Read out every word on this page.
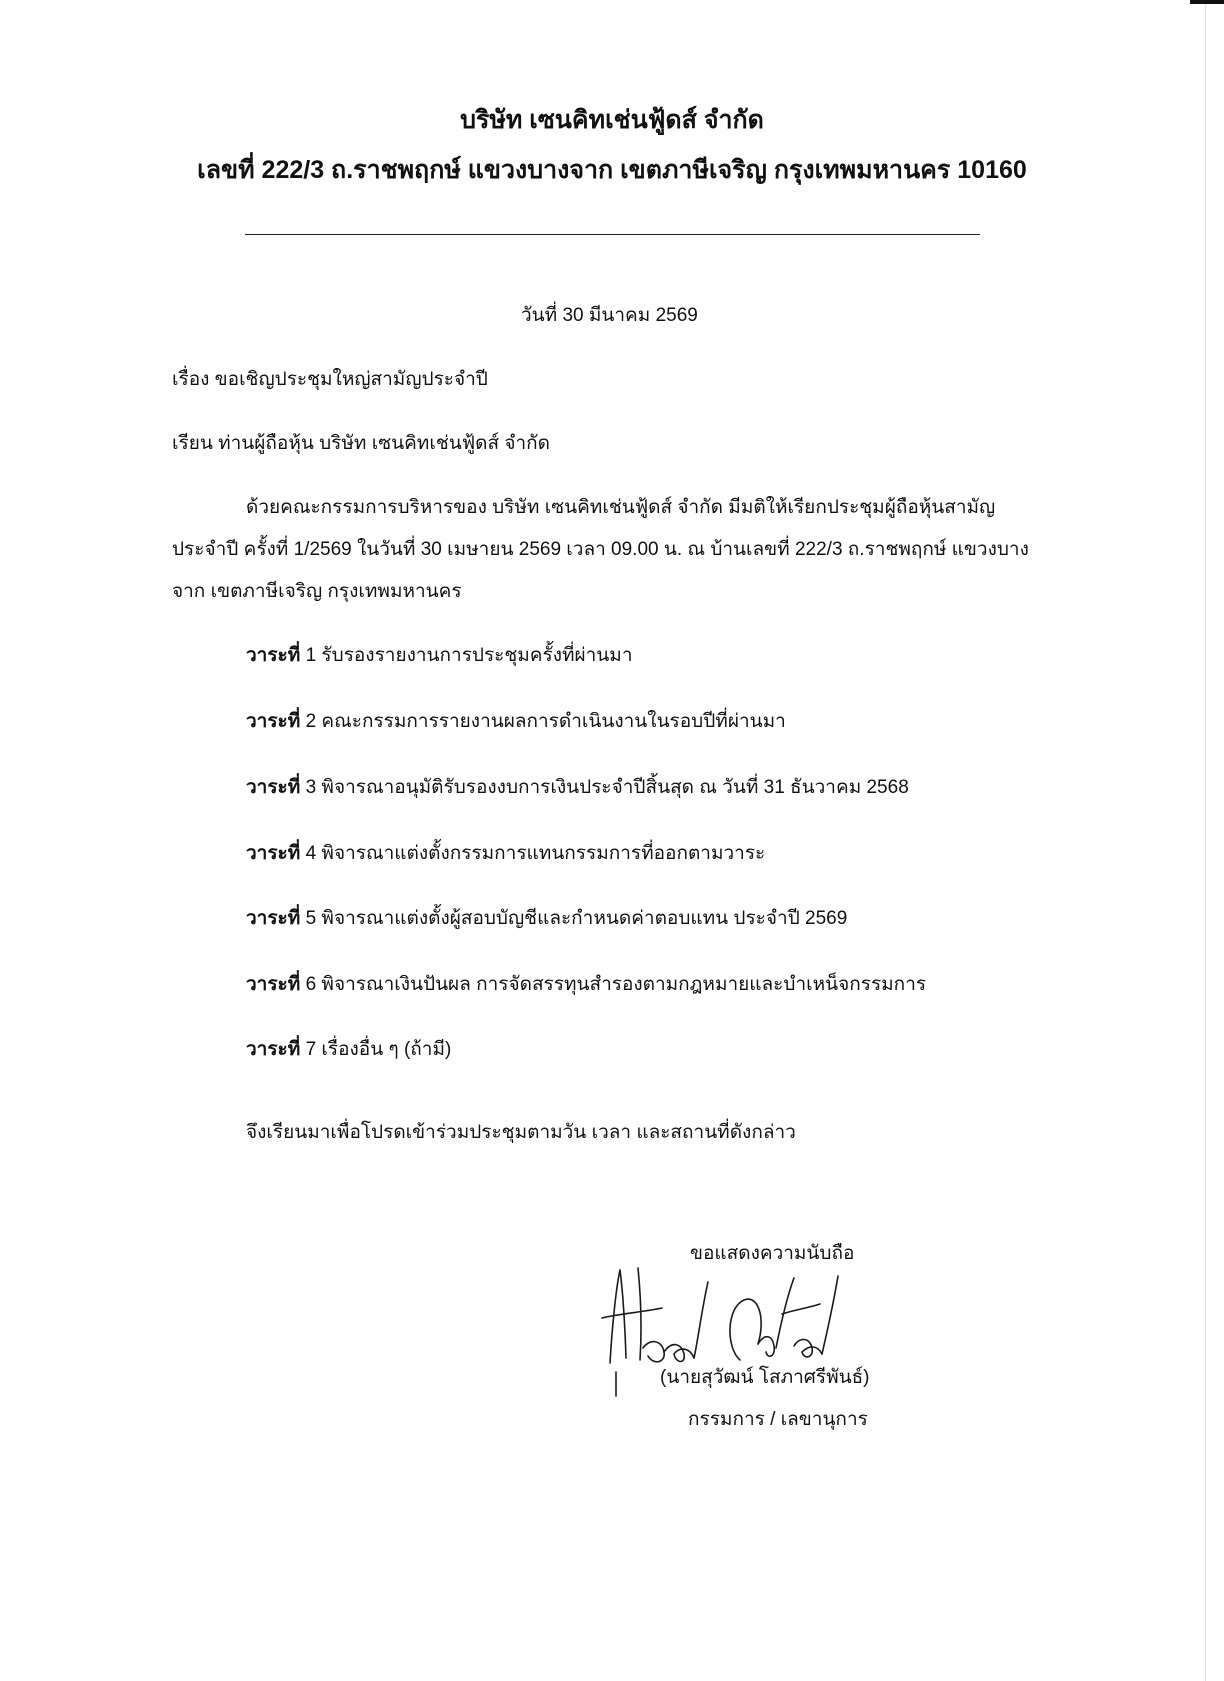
บริษัท เซนคิทเช่นฟู้ดส์ จำกัด
เลขที่ 222/3 ถ.ราชพฤกษ์ แขวงบางจาก เขตภาษีเจริญ กรุงเทพมหานคร 10160
วันที่ 30 มีนาคม 2569
เรื่อง ขอเชิญประชุมใหญ่สามัญประจำปี
เรียน ท่านผู้ถือหุ้น บริษัท เซนคิทเช่นฟู้ดส์ จำกัด
ด้วยคณะกรรมการบริหารของ บริษัท เซนคิทเช่นฟู้ดส์ จำกัด มีมติให้เรียกประชุมผู้ถือหุ้นสามัญ
ประจำปี ครั้งที่ 1/2569 ในวันที่ 30 เมษายน 2569 เวลา 09.00 น. ณ บ้านเลขที่ 222/3 ถ.ราชพฤกษ์ แขวงบาง
จาก เขตภาษีเจริญ กรุงเทพมหานคร
วาระที่ 1 รับรองรายงานการประชุมครั้งที่ผ่านมา
วาระที่ 2 คณะกรรมการรายงานผลการดำเนินงานในรอบปีที่ผ่านมา
วาระที่ 3 พิจารณาอนุมัติรับรองงบการเงินประจำปีสิ้นสุด ณ วันที่ 31 ธันวาคม 2568
วาระที่ 4 พิจารณาแต่งตั้งกรรมการแทนกรรมการที่ออกตามวาระ
วาระที่ 5 พิจารณาแต่งตั้งผู้สอบบัญชีและกำหนดค่าตอบแทน ประจำปี 2569
วาระที่ 6 พิจารณาเงินปันผล การจัดสรรทุนสำรองตามกฎหมายและบำเหน็จกรรมการ
วาระที่ 7 เรื่องอื่น ๆ (ถ้ามี)
จึงเรียนมาเพื่อโปรดเข้าร่วมประชุมตามวัน เวลา และสถานที่ดังกล่าว
ขอแสดงความนับถือ
(นายสุวัฒน์ โสภาศรีพันธ์)
กรรมการ / เลขานุการ
